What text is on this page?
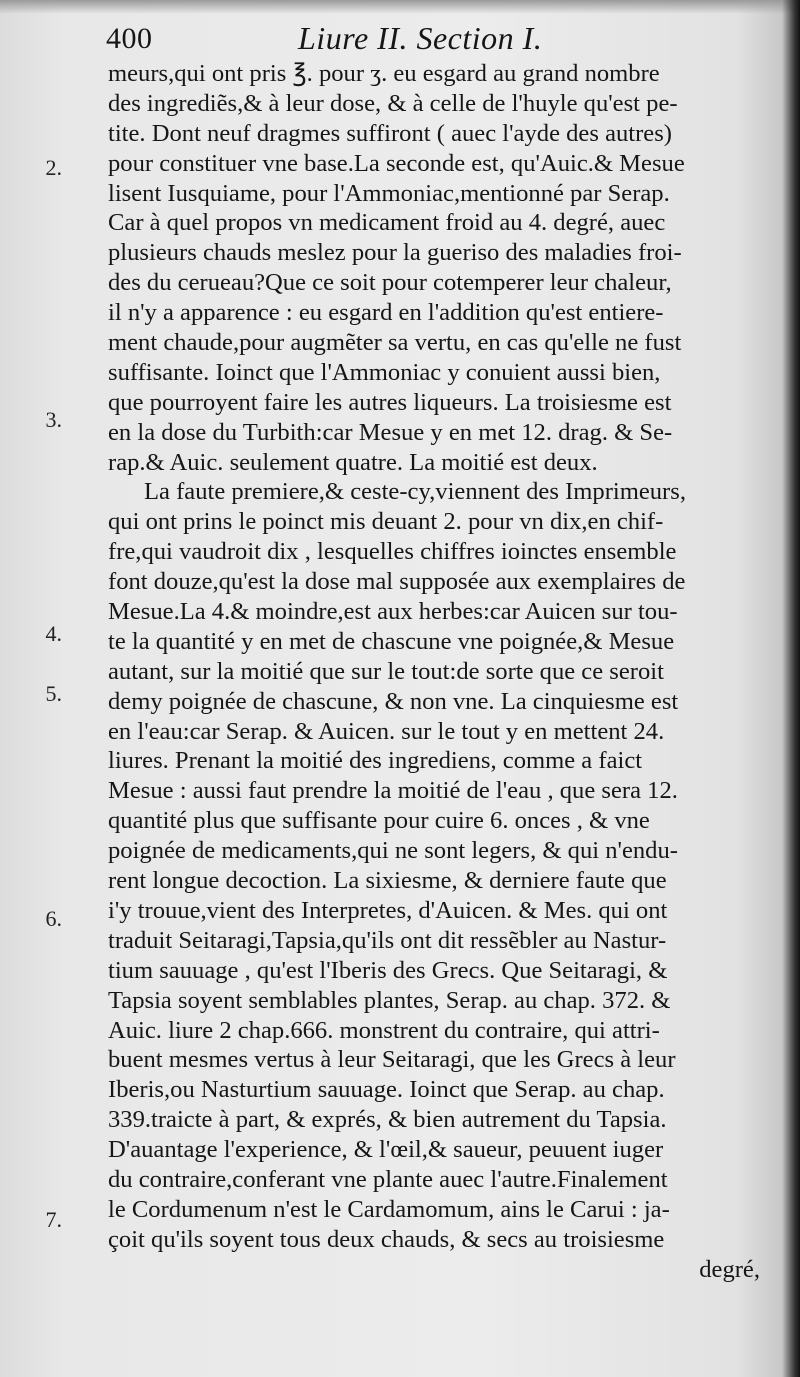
400	Liure II. Section I.
2.
3.
4.
5.
6.
7.
meurs,qui ont pris ℥. pour ʒ. eu esgard au grand nombre
des ingrediẽs,& à leur dose, & à celle de l'huyle qu'est pe-
tite. Dont neuf dragmes suffiront ( auec l'ayde des autres)
pour constituer vne base.La seconde est, qu'Auic.& Mesue
lisent Iusquiame, pour l'Ammoniac,mentionné par Serap.
Car à quel propos vn medicament froid au 4. degré, auec
plusieurs chauds meslez pour la gueriso des maladies froi-
des du cerueau?Que ce soit pour cotemperer leur chaleur,
il n'y a apparence : eu esgard en l'addition qu'est entiere-
ment chaude,pour augmẽter sa vertu, en cas qu'elle ne fust
suffisante. Ioinct que l'Ammoniac y conuient aussi bien,
que pourroyent faire les autres liqueurs. La troisiesme est
en la dose du Turbith:car Mesue y en met 12. drag. & Se-
rap.& Auic. seulement quatre. La moitié est deux.
La faute premiere,& ceste-cy,viennent des Imprimeurs,
qui ont prins le poinct mis deuant 2. pour vn dix,en chif-
fre,qui vaudroit dix , lesquelles chiffres ioinctes ensemble
font douze,qu'est la dose mal supposée aux exemplaires de
Mesue.La 4.& moindre,est aux herbes:car Auicen sur tou-
te la quantité y en met de chascune vne poignée,& Mesue
autant, sur la moitié que sur le tout:de sorte que ce seroit
demy poignée de chascune, & non vne. La cinquiesme est
en l'eau:car Serap. & Auicen. sur le tout y en mettent 24.
liures. Prenant la moitié des ingrediens, comme a faict
Mesue : aussi faut prendre la moitié de l'eau , que sera 12.
quantité plus que suffisante pour cuire 6. onces , & vne
poignée de medicaments,qui ne sont legers, & qui n'endu-
rent longue decoction. La sixiesme, & derniere faute que
i'y trouue,vient des Interpretes, d'Auicen. & Mes. qui ont
traduit Seitaragi,Tapsia,qu'ils ont dit ressẽbler au Nastur-
tium sauuage , qu'est l'Iberis des Grecs. Que Seitaragi, &
Tapsia soyent semblables plantes, Serap. au chap. 372. &
Auic. liure 2 chap.666. monstrent du contraire, qui attri-
buent mesmes vertus à leur Seitaragi, que les Grecs à leur
Iberis,ou Nasturtium sauuage. Ioinct que Serap. au chap.
339.traicte à part, & exprés, & bien autrement du Tapsia.
D'auantage l'experience, & l'œil,& saueur, peuuent iuger
du contraire,conferant vne plante auec l'autre.Finalement
le Cordumenum n'est le Cardamomum, ains le Carui : ja-
çoit qu'ils soyent tous deux chauds, & secs au troisiesme
degré,
